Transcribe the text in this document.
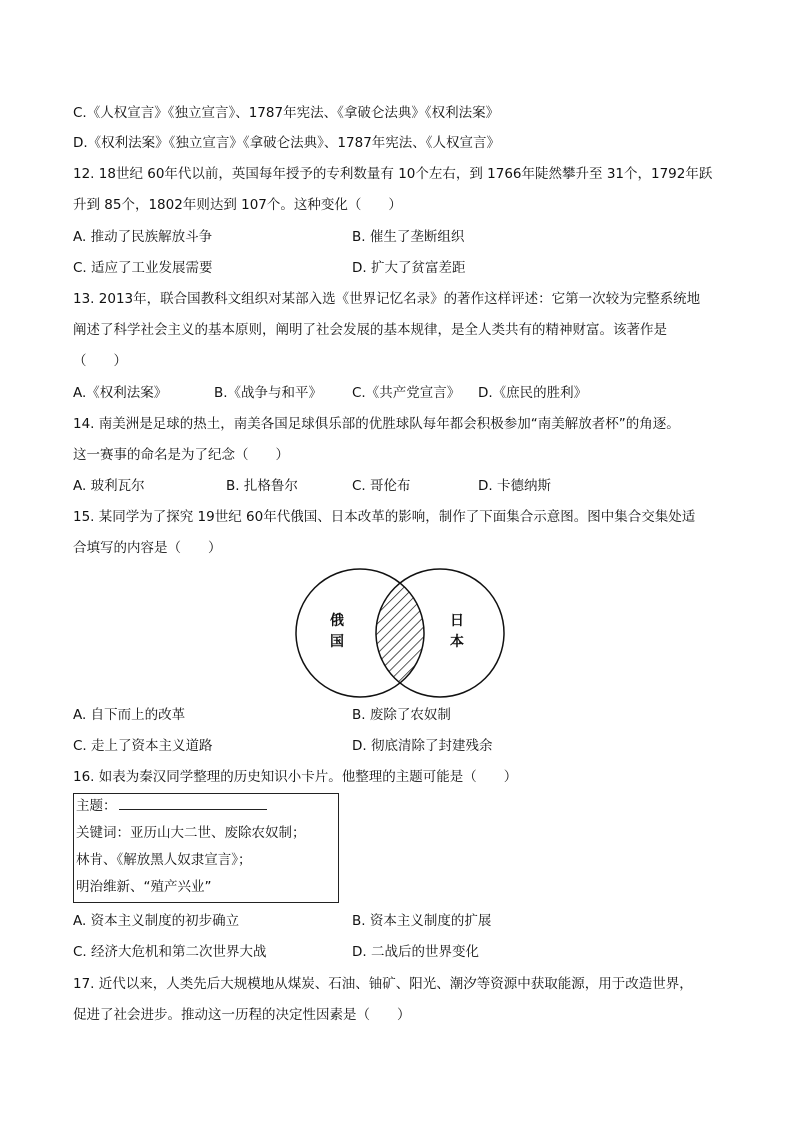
C.《人权宣言》《独立宣言》、1787年宪法、《拿破仑法典》《权利法案》
D.《权利法案》《独立宣言》《拿破仑法典》、1787年宪法、《人权宣言》
12. 18世纪 60年代以前，英国每年授予的专利数量有 10个左右，到 1766年陡然攀升至 31个，1792年跃
升到 85个，1802年则达到 107个。这种变化（　　）
A. 推动了民族解放斗争	B. 催生了垄断组织
C. 适应了工业发展需要	D. 扩大了贫富差距
13. 2013年，联合国教科文组织对某部入选《世界记忆名录》的著作这样评述：它第一次较为完整系统地
阐述了科学社会主义的基本原则，阐明了社会发展的基本规律，是全人类共有的精神财富。该著作是
（　　）
A.《权利法案》	B.《战争与和平》 C.《共产党宣言》 D.《庶民的胜利》
14. 南美洲是足球的热土，南美各国足球俱乐部的优胜球队每年都会积极参加“南美解放者杯”的角逐。
这一赛事的命名是为了纪念（　　）
A. 玻利瓦尔	B. 扎格鲁尔	C. 哥伦布	D. 卡德纳斯
15. 某同学为了探究 19世纪 60年代俄国、日本改革的影响，制作了下面集合示意图。图中集合交集处适
合填写的内容是（　　）
俄
国
日
本
A. 自下而上的改革	B. 废除了农奴制
C. 走上了资本主义道路	D. 彻底清除了封建残余
16. 如表为秦汉同学整理的历史知识小卡片。他整理的主题可能是（　　）
主题：
关键词：亚历山大二世、废除农奴制；
林肯、《解放黑人奴隶宣言》；
明治维新、“殖产兴业”
A. 资本主义制度的初步确立	B. 资本主义制度的扩展
C. 经济大危机和第二次世界大战	D. 二战后的世界变化
17. 近代以来，人类先后大规模地从煤炭、石油、铀矿、阳光、潮汐等资源中获取能源，用于改造世界，
促进了社会进步。推动这一历程的决定性因素是（　　）
